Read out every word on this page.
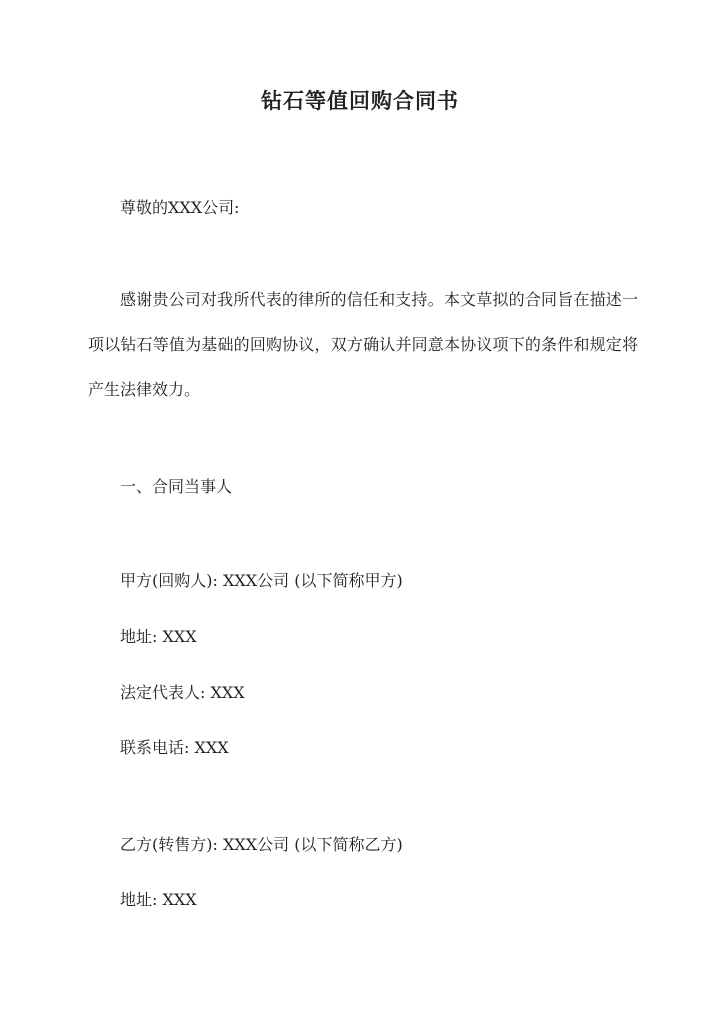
钻石等值回购合同书
尊敬的XXX公司:
感谢贵公司对我所代表的律所的信任和支持。本文草拟的合同旨在描述一项以钻石等值为基础的回购协议，双方确认并同意本协议项下的条件和规定将产生法律效力。
一、合同当事人
甲方(回购人): XXX公司 (以下简称甲方)
地址: XXX
法定代表人: XXX
联系电话: XXX
乙方(转售方): XXX公司 (以下简称乙方)
地址: XXX
